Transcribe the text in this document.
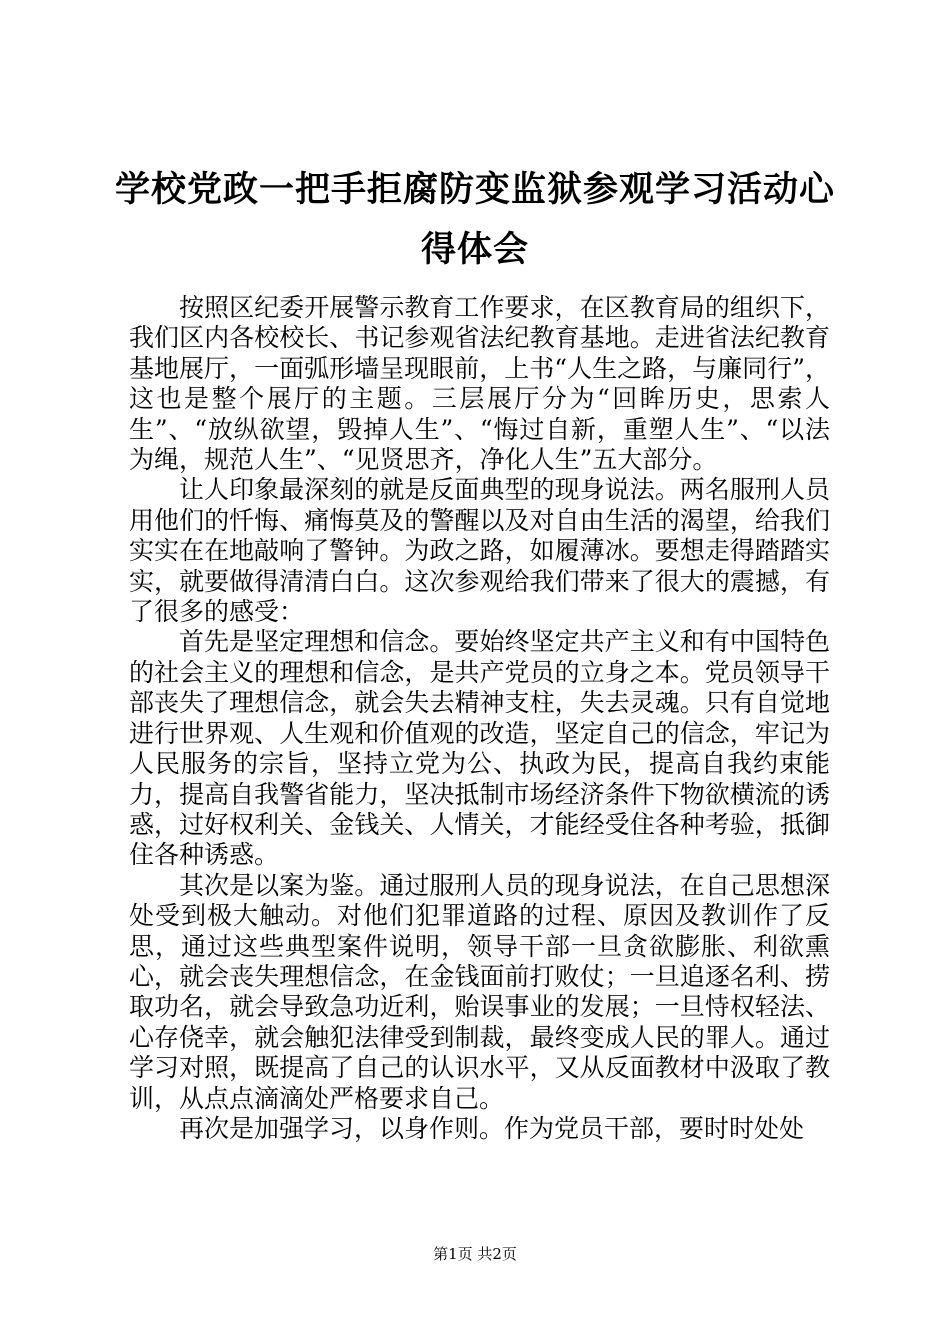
学校党政一把手拒腐防变监狱参观学习活动心得体会

按照区纪委开展警示教育工作要求，在区教育局的组织下，我们区内各校校长、书记参观省法纪教育基地。走进省法纪教育基地展厅，一面弧形墙呈现眼前，上书“人生之路，与廉同行”，这也是整个展厅的主题。三层展厅分为“回眸历史，思索人生”、“放纵欲望，毁掉人生”、“悔过自新，重塑人生”、“以法为绳，规范人生”、“见贤思齐，净化人生”五大部分。

让人印象最深刻的就是反面典型的现身说法。两名服刑人员用他们的忏悔、痛悔莫及的警醒以及对自由生活的渴望，给我们实实在在地敲响了警钟。为政之路，如履薄冰。要想走得踏踏实实，就要做得清清白白。这次参观给我们带来了很大的震撼，有了很多的感受：

首先是坚定理想和信念。要始终坚定共产主义和有中国特色的社会主义的理想和信念，是共产党员的立身之本。党员领导干部丧失了理想信念，就会失去精神支柱，失去灵魂。只有自觉地进行世界观、人生观和价值观的改造，坚定自己的信念，牢记为人民服务的宗旨，坚持立党为公、执政为民，提高自我约束能力，提高自我警省能力，坚决抵制市场经济条件下物欲横流的诱惑，过好权利关、金钱关、人情关，才能经受住各种考验，抵御住各种诱惑。

其次是以案为鉴。通过服刑人员的现身说法，在自己思想深处受到极大触动。对他们犯罪道路的过程、原因及教训作了反思，通过这些典型案件说明，领导干部一旦贪欲膨胀、利欲熏心，就会丧失理想信念，在金钱面前打败仗；一旦追逐名利、捞取功名，就会导致急功近利，贻误事业的发展；一旦恃权轻法、心存侥幸，就会触犯法律受到制裁，最终变成人民的罪人。通过学习对照，既提高了自己的认识水平，又从反面教材中汲取了教训，从点点滴滴处严格要求自己。

再次是加强学习，以身作则。作为党员干部，要时时处处

第1页 共2页
